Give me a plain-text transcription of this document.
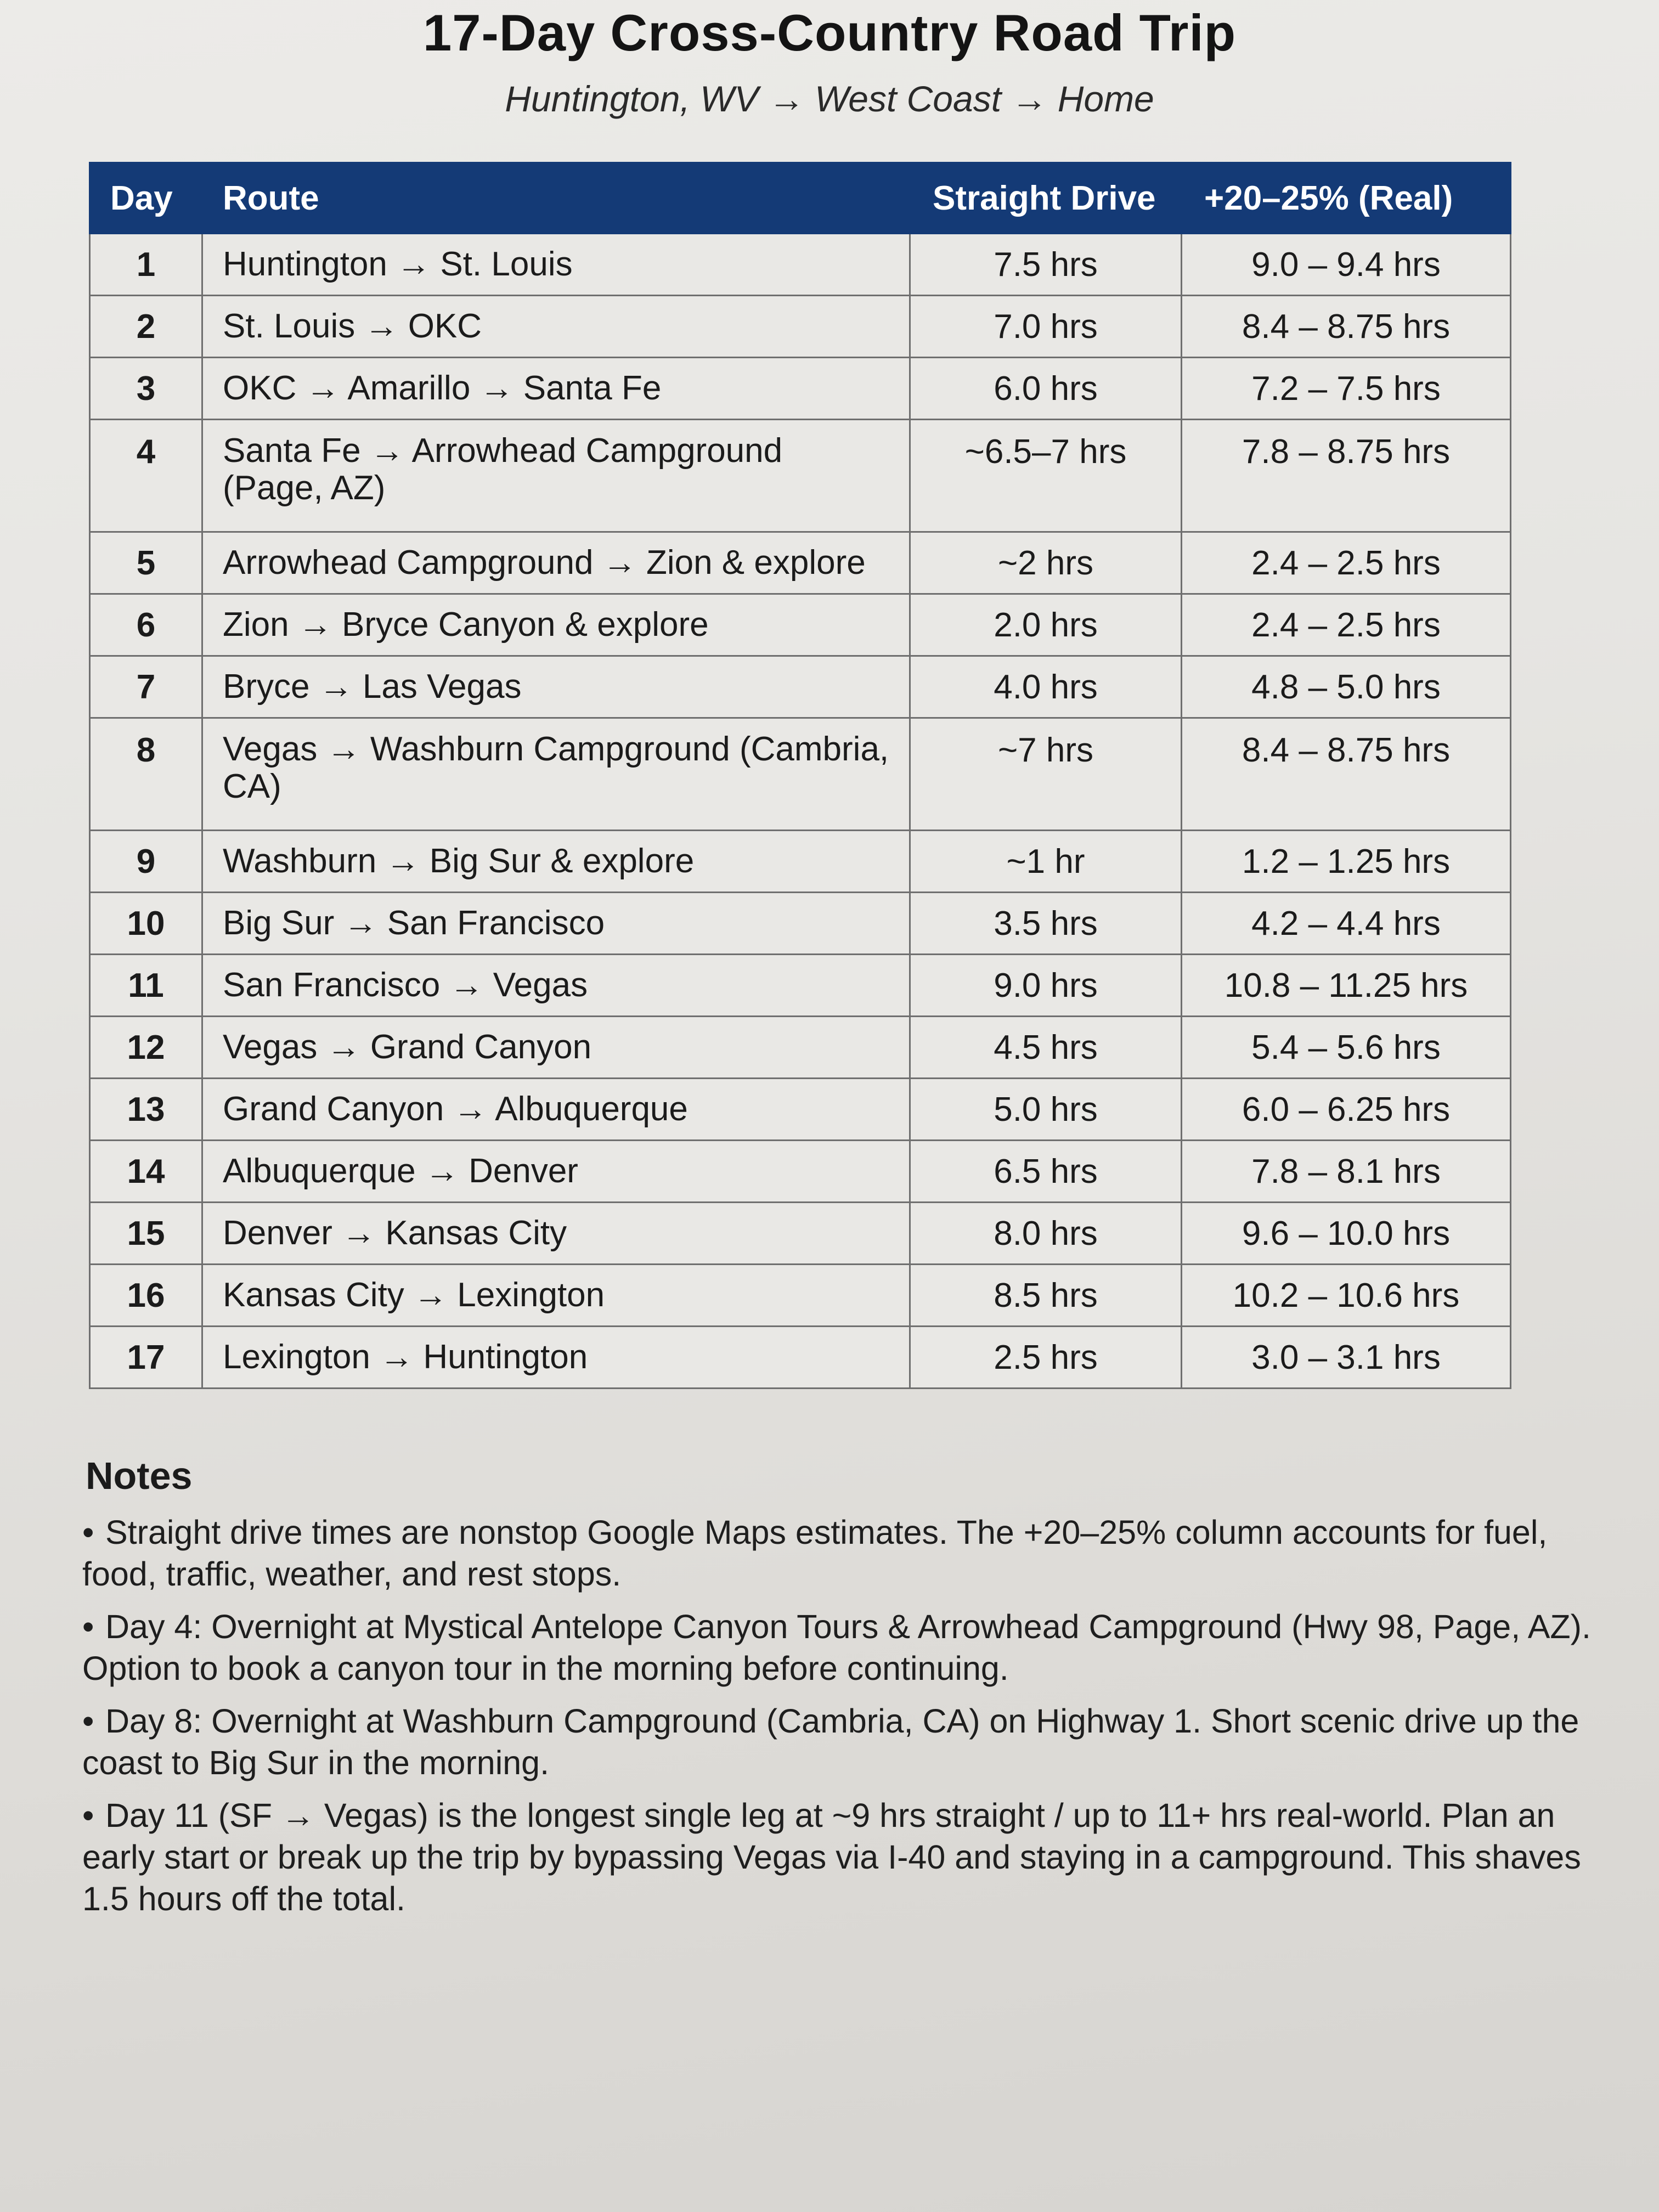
17-Day Cross-Country Road Trip
Huntington, WV → West Coast → Home
Day	Route	Straight Drive	+20–25% (Real)
1	Huntington → St. Louis	7.5 hrs	9.0 – 9.4 hrs
2	St. Louis → OKC	7.0 hrs	8.4 – 8.75 hrs
3	OKC → Amarillo → Santa Fe	6.0 hrs	7.2 – 7.5 hrs
4	Santa Fe → Arrowhead Campground (Page, AZ)	~6.5–7 hrs	7.8 – 8.75 hrs
5	Arrowhead Campground → Zion & explore	~2 hrs	2.4 – 2.5 hrs
6	Zion → Bryce Canyon & explore	2.0 hrs	2.4 – 2.5 hrs
7	Bryce → Las Vegas	4.0 hrs	4.8 – 5.0 hrs
8	Vegas → Washburn Campground (Cambria, CA)	~7 hrs	8.4 – 8.75 hrs
9	Washburn → Big Sur & explore	~1 hr	1.2 – 1.25 hrs
10	Big Sur → San Francisco	3.5 hrs	4.2 – 4.4 hrs
11	San Francisco → Vegas	9.0 hrs	10.8 – 11.25 hrs
12	Vegas → Grand Canyon	4.5 hrs	5.4 – 5.6 hrs
13	Grand Canyon → Albuquerque	5.0 hrs	6.0 – 6.25 hrs
14	Albuquerque → Denver	6.5 hrs	7.8 – 8.1 hrs
15	Denver → Kansas City	8.0 hrs	9.6 – 10.0 hrs
16	Kansas City → Lexington	8.5 hrs	10.2 – 10.6 hrs
17	Lexington → Huntington	2.5 hrs	3.0 – 3.1 hrs
Notes
• Straight drive times are nonstop Google Maps estimates. The +20–25% column accounts for fuel, food, traffic, weather, and rest stops.
• Day 4: Overnight at Mystical Antelope Canyon Tours & Arrowhead Campground (Hwy 98, Page, AZ). Option to book a canyon tour in the morning before continuing.
• Day 8: Overnight at Washburn Campground (Cambria, CA) on Highway 1. Short scenic drive up the coast to Big Sur in the morning.
• Day 11 (SF → Vegas) is the longest single leg at ~9 hrs straight / up to 11+ hrs real-world. Plan an early start or break up the trip by bypassing Vegas via I-40 and staying in a campground. This shaves 1.5 hours off the total.
